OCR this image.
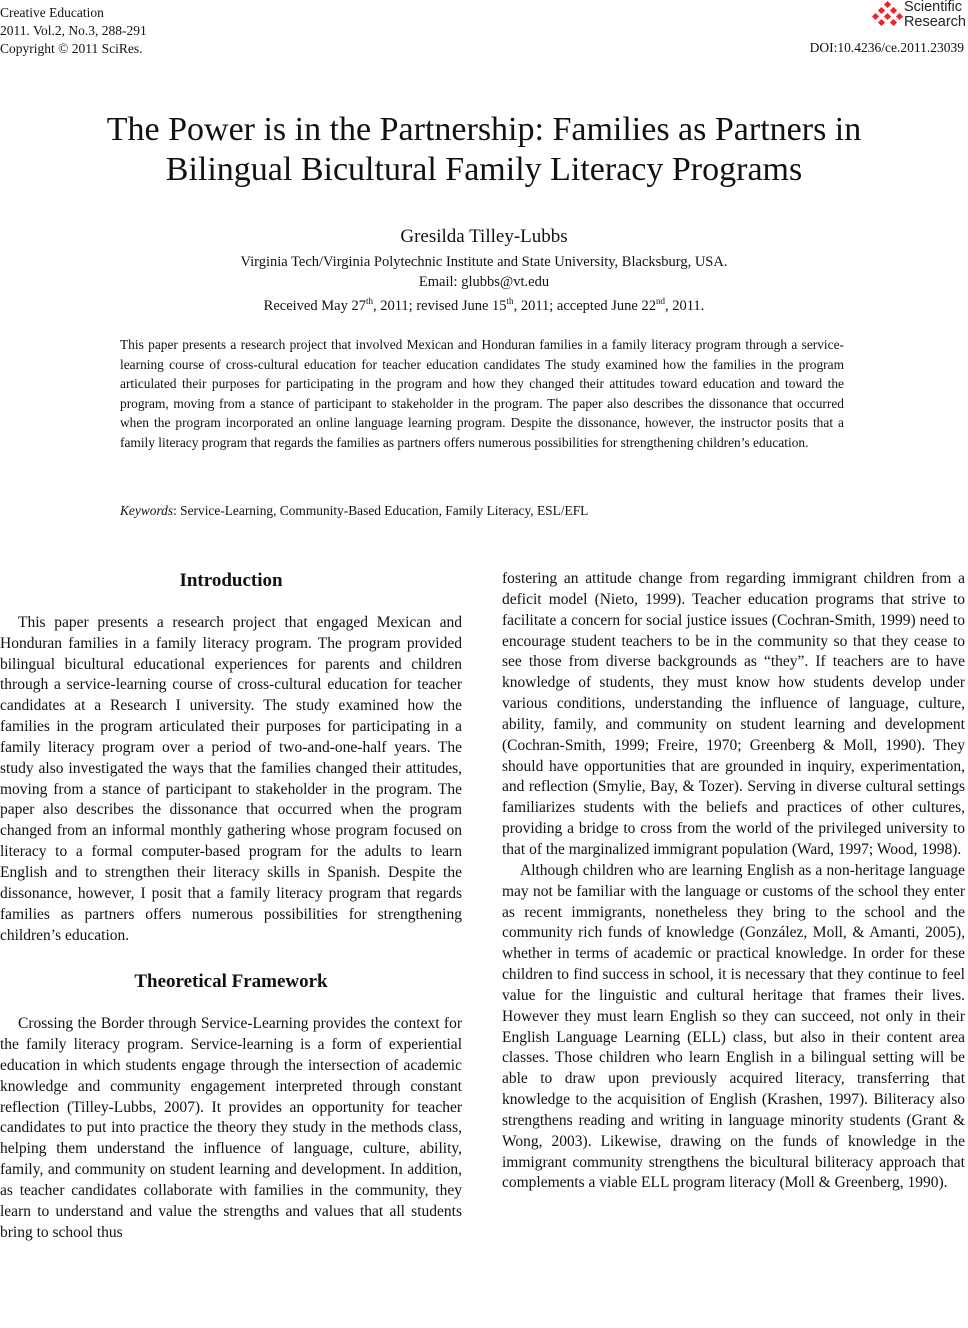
Creative Education
2011. Vol.2, No.3, 288-291
Copyright © 2011 SciRes.
Scientific
Research
DOI:10.4236/ce.2011.23039
The Power is in the Partnership: Families as Partners in
Bilingual Bicultural Family Literacy Programs
Gresilda Tilley-Lubbs
Virginia Tech/Virginia Polytechnic Institute and State University, Blacksburg, USA.
Email: glubbs@vt.edu
Received May 27th, 2011; revised June 15th, 2011; accepted June 22nd, 2011.
This paper presents a research project that involved Mexican and Honduran families in a family literacy program through a service-learning course of cross-cultural education for teacher education candidates The study examined how the families in the program articulated their purposes for participating in the program and how they changed their attitudes toward education and toward the program, moving from a stance of participant to stakeholder in the program. The paper also describes the dissonance that occurred when the program incorporated an online language learning program. Despite the dissonance, however, the instructor posits that a family literacy program that regards the families as partners offers numerous possibilities for strengthening children’s education.
Keywords: Service-Learning, Community-Based Education, Family Literacy, ESL/EFL
Introduction

This paper presents a research project that engaged Mexican and Honduran families in a family literacy program. The program provided bilingual bicultural educational experiences for parents and children through a service-learning course of cross-cultural education for teacher candidates at a Research I university. The study examined how the families in the program articulated their purposes for participating in a family literacy program over a period of two-and-one-half years. The study also investigated the ways that the families changed their attitudes, moving from a stance of participant to stakeholder in the program. The paper also describes the dissonance that occurred when the program changed from an informal monthly gathering whose program focused on literacy to a formal computer-based program for the adults to learn English and to strengthen their literacy skills in Spanish. Despite the dissonance, however, I posit that a family literacy program that regards families as partners offers numerous possibilities for strengthening children’s education.

Theoretical Framework

Crossing the Border through Service-Learning provides the context for the family literacy program. Service-learning is a form of experiential education in which students engage through the intersection of academic knowledge and community engagement interpreted through constant reflection (Tilley-Lubbs, 2007). It provides an opportunity for teacher candidates to put into practice the theory they study in the methods class, helping them understand the influence of language, culture, ability, family, and community on student learning and development. In addition, as teacher candidates collaborate with families in the community, they learn to understand and value the strengths and values that all students bring to school thus

fostering an attitude change from regarding immigrant children from a deficit model (Nieto, 1999). Teacher education programs that strive to facilitate a concern for social justice issues (Cochran-Smith, 1999) need to encourage student teachers to be in the community so that they cease to see those from diverse backgrounds as “they”. If teachers are to have knowledge of students, they must know how students develop under various conditions, understanding the influence of language, culture, ability, family, and community on student learning and development (Cochran-Smith, 1999; Freire, 1970; Greenberg & Moll, 1990). They should have opportunities that are grounded in inquiry, experimentation, and reflection (Smylie, Bay, & Tozer). Serving in diverse cultural settings familiarizes students with the beliefs and practices of other cultures, providing a bridge to cross from the world of the privileged university to that of the marginalized immigrant population (Ward, 1997; Wood, 1998).

Although children who are learning English as a non-heritage language may not be familiar with the language or customs of the school they enter as recent immigrants, nonetheless they bring to the school and the community rich funds of knowledge (González, Moll, & Amanti, 2005), whether in terms of academic or practical knowledge. In order for these children to find success in school, it is necessary that they continue to feel value for the linguistic and cultural heritage that frames their lives. However they must learn English so they can succeed, not only in their English Language Learning (ELL) class, but also in their content area classes. Those children who learn English in a bilingual setting will be able to draw upon previously acquired literacy, transferring that knowledge to the acquisition of English (Krashen, 1997). Biliteracy also strengthens reading and writing in language minority students (Grant & Wong, 2003). Likewise, drawing on the funds of knowledge in the immigrant community strengthens the bicultural biliteracy approach that complements a viable ELL program literacy (Moll & Greenberg, 1990).
